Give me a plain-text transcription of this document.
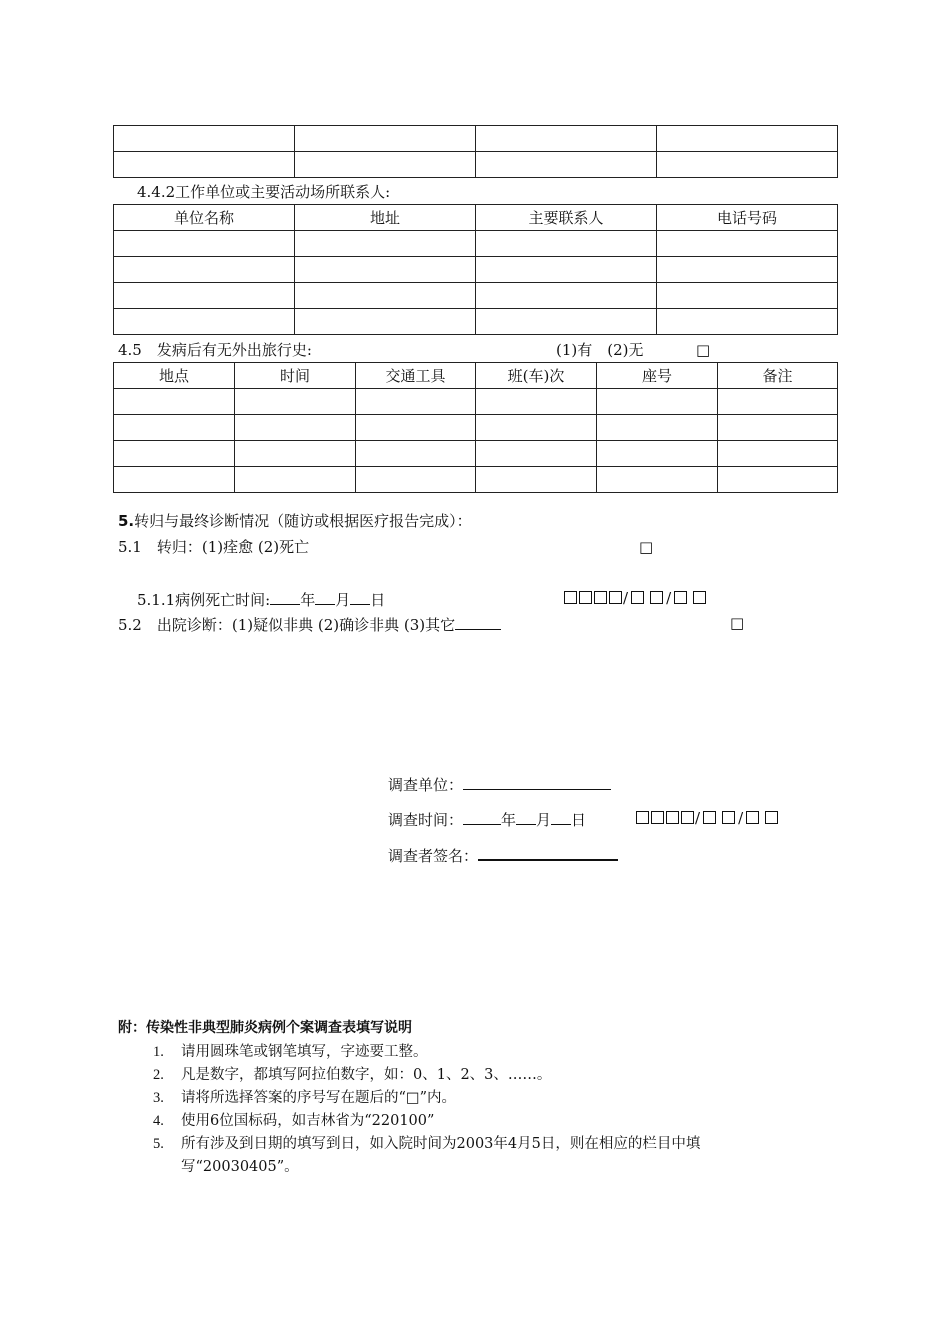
4.4.2工作单位或主要活动场所联系人:
单位名称	地址	主要联系人	电话号码

4.5　发病后有无外出旅行史:	(1)有　(2)无	□
地点	时间	交通工具	班(车)次	座号	备注

5.转归与最终诊断情况（随访或根据医疗报告完成）：
5.1　转归：(1)痊愈 (2)死亡	□
5.1.1病例死亡时间: 年 月 日	/	/
5.2　出院诊断：(1)疑似非典 (2)确诊非典 (3)其它	□
调查单位：
调查时间：	年 月 日	/	/
调查者签名：
附：传染性非典型肺炎病例个案调查表填写说明
1.	请用圆珠笔或钢笔填写，字迹要工整。
2.	凡是数字，都填写阿拉伯数字，如：0、1、2、3、……。
3.	请将所选择答案的序号写在题后的“□”内。
4.	使用6位国标码，如吉林省为“220100”
5.	所有涉及到日期的填写到日，如入院时间为2003年4月5日，则在相应的栏目中填
写“20030405”。
